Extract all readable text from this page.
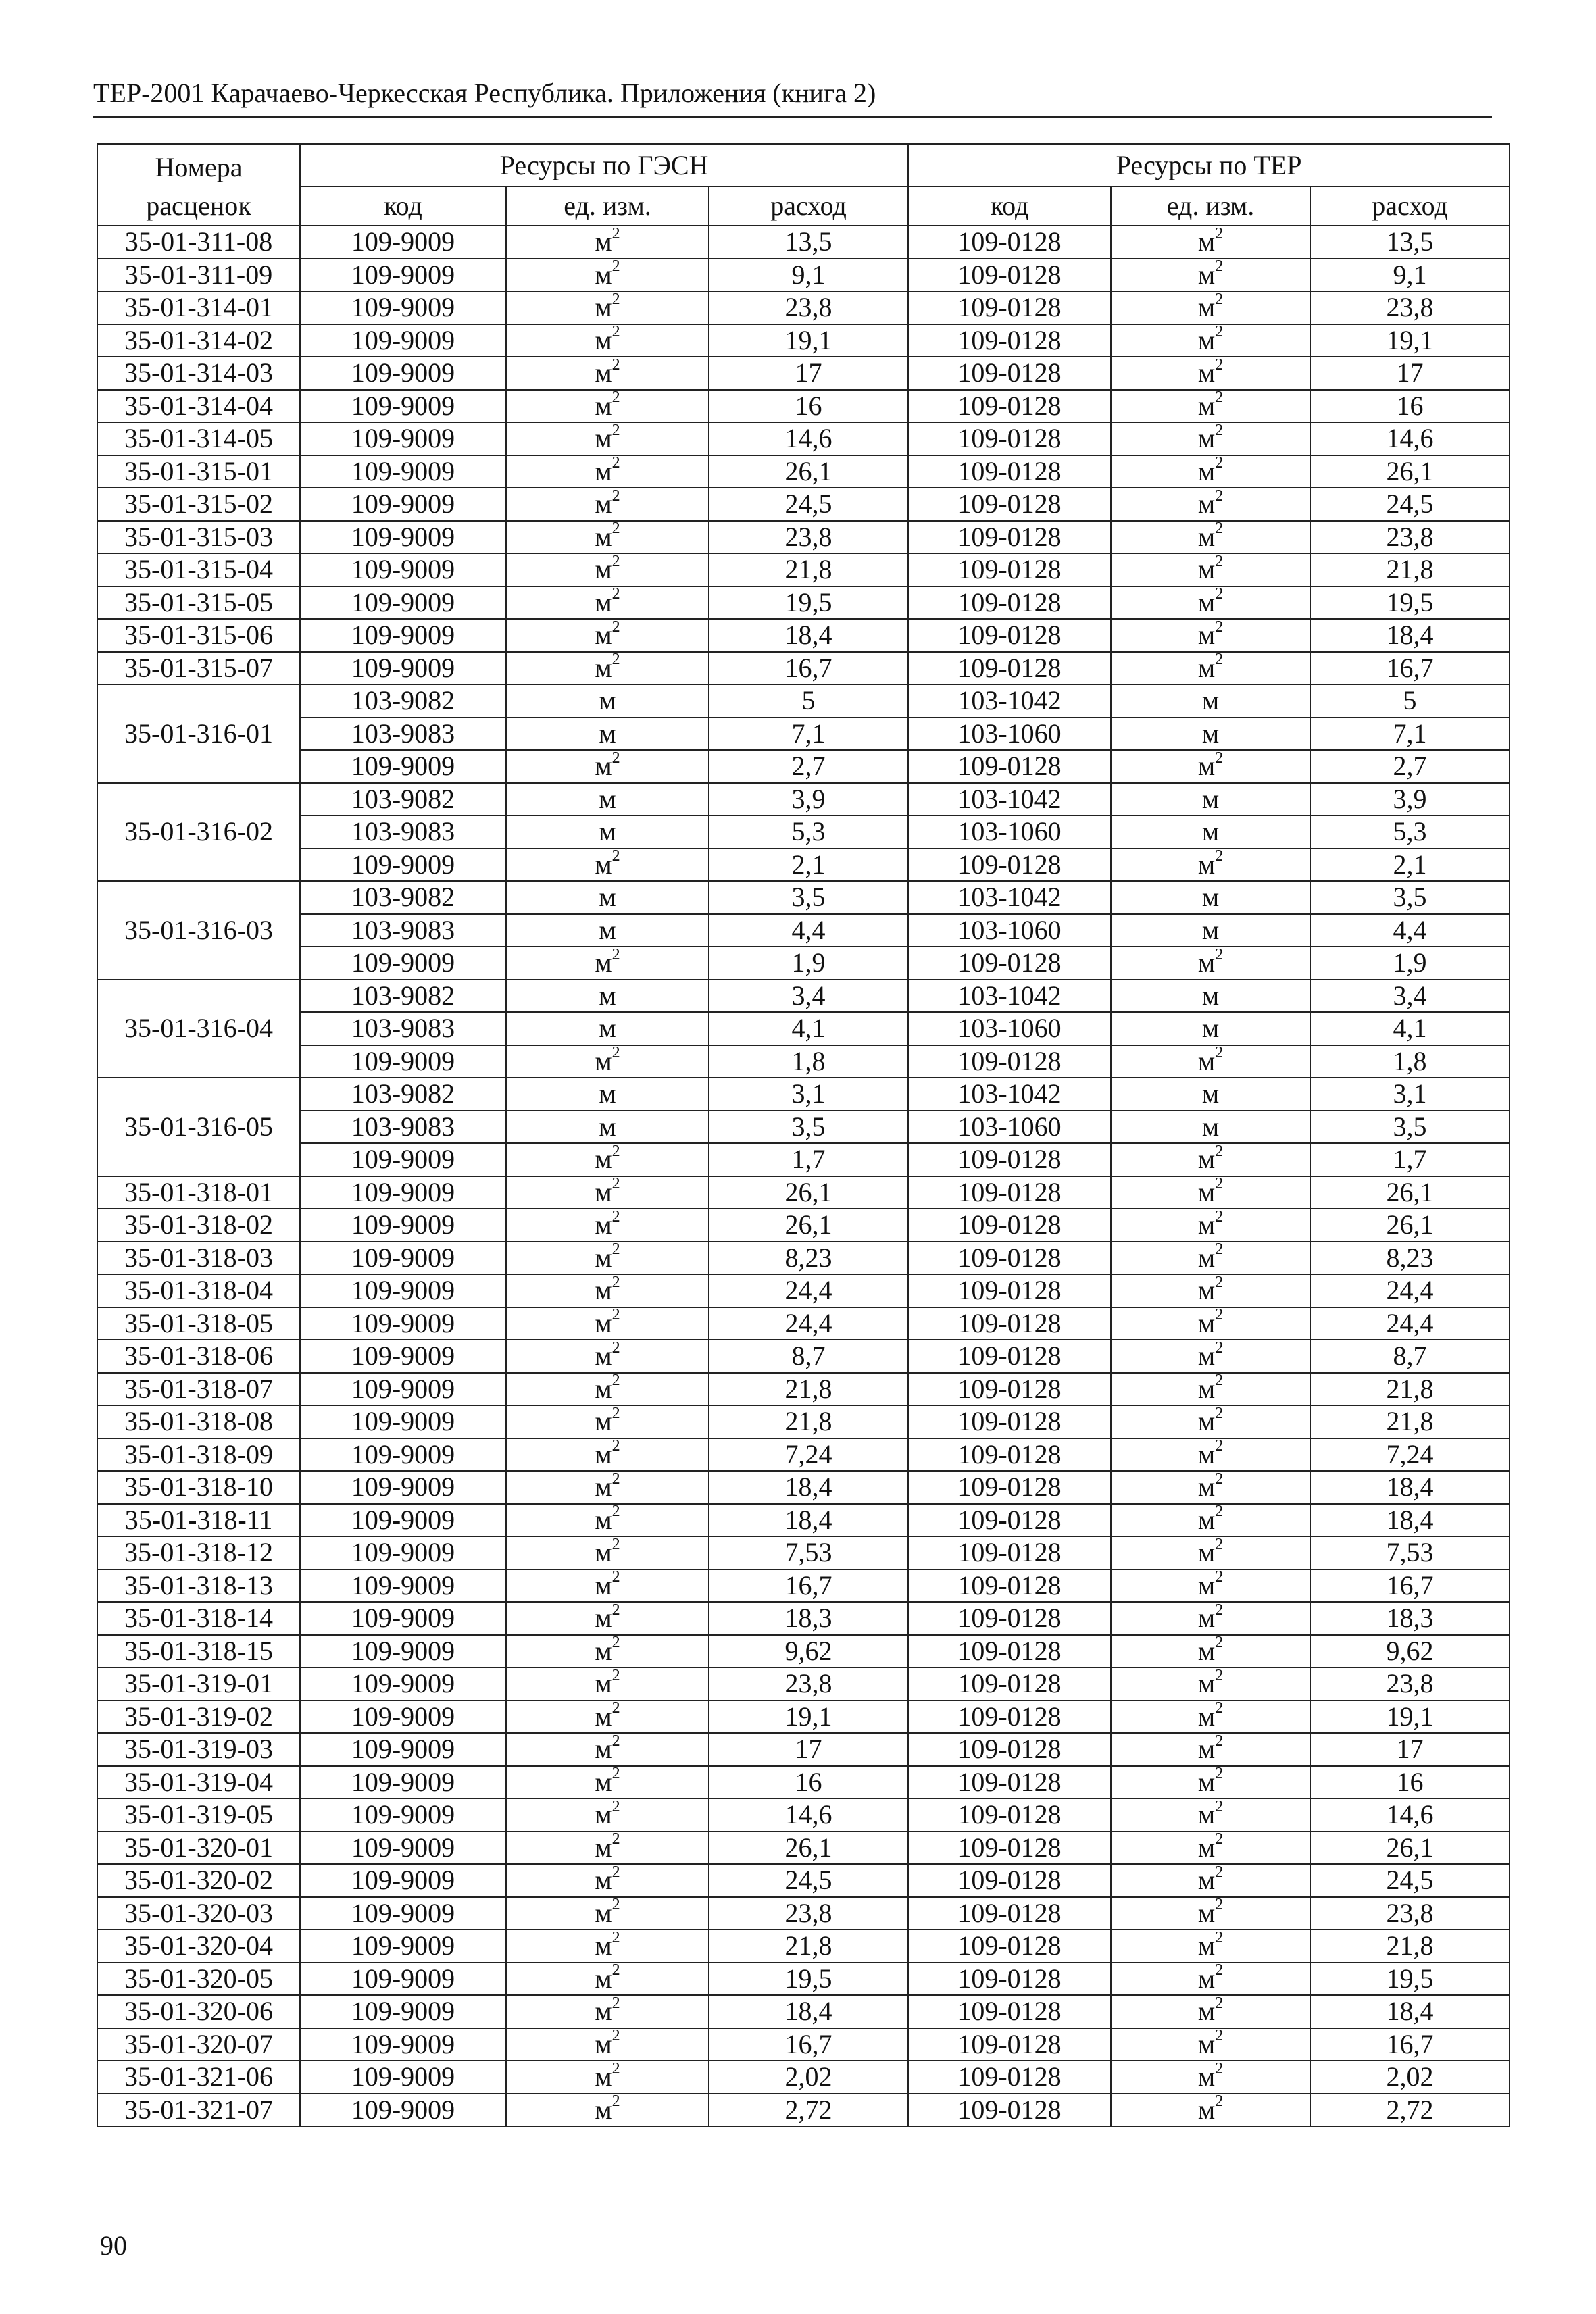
ТЕР-2001 Карачаево-Черкесская Республика. Приложения (книга 2)
Номера	Ресурсы по ГЭСН			Ресурсы по ТЕР		
расценок	код	ед. изм.	расход	код	ед. изм.	расход
35-01-311-08	109-9009	$м^2$	13,5	109-0128	$м^2$	13,5
35-01-311-09	109-9009	$м^2$	9,1	109-0128	$м^2$	9,1
35-01-314-01	109-9009	$м^2$	23,8	109-0128	$м^2$	23,8
35-01-314-02	109-9009	$м^2$	19,1	109-0128	$м^2$	19,1
35-01-314-03	109-9009	$м^2$	17	109-0128	$м^2$	17
35-01-314-04	109-9009	$м^2$	16	109-0128	$м^2$	16
35-01-314-05	109-9009	$м^2$	14,6	109-0128	$м^2$	14,6
35-01-315-01	109-9009	$м^2$	26,1	109-0128	$м^2$	26,1
35-01-315-02	109-9009	$м^2$	24,5	109-0128	$м^2$	24,5
35-01-315-03	109-9009	$м^2$	23,8	109-0128	$м^2$	23,8
35-01-315-04	109-9009	$м^2$	21,8	109-0128	$м^2$	21,8
35-01-315-05	109-9009	$м^2$	19,5	109-0128	$м^2$	19,5
35-01-315-06	109-9009	$м^2$	18,4	109-0128	$м^2$	18,4
35-01-315-07	109-9009	$м^2$	16,7	109-0128	$м^2$	16,7
35-01-316-01	103-9082	м	5	103-1042	м	5
	103-9083	м	7,1	103-1060	м	7,1
	109-9009	$м^2$	2,7	109-0128	$м^2$	2,7
35-01-316-02	103-9082	м	3,9	103-1042	м	3,9
	103-9083	м	5,3	103-1060	м	5,3
	109-9009	$м^2$	2,1	109-0128	$м^2$	2,1
35-01-316-03	103-9082	м	3,5	103-1042	м	3,5
	103-9083	м	4,4	103-1060	м	4,4
	109-9009	$м^2$	1,9	109-0128	$м^2$	1,9
35-01-316-04	103-9082	м	3,4	103-1042	м	3,4
	103-9083	м	4,1	103-1060	м	4,1
	109-9009	$м^2$	1,8	109-0128	$м^2$	1,8
35-01-316-05	103-9082	м	3,1	103-1042	м	3,1
	103-9083	м	3,5	103-1060	м	3,5
	109-9009	$м^2$	1,7	109-0128	$м^2$	1,7
35-01-318-01	109-9009	$м^2$	26,1	109-0128	$м^2$	26,1
35-01-318-02	109-9009	$м^2$	26,1	109-0128	$м^2$	26,1
35-01-318-03	109-9009	$м^2$	8,23	109-0128	$м^2$	8,23
35-01-318-04	109-9009	$м^2$	24,4	109-0128	$м^2$	24,4
35-01-318-05	109-9009	$м^2$	24,4	109-0128	$м^2$	24,4
35-01-318-06	109-9009	$м^2$	8,7	109-0128	$м^2$	8,7
35-01-318-07	109-9009	$м^2$	21,8	109-0128	$м^2$	21,8
35-01-318-08	109-9009	$м^2$	21,8	109-0128	$м^2$	21,8
35-01-318-09	109-9009	$м^2$	7,24	109-0128	$м^2$	7,24
35-01-318-10	109-9009	$м^2$	18,4	109-0128	$м^2$	18,4
35-01-318-11	109-9009	$м^2$	18,4	109-0128	$м^2$	18,4
35-01-318-12	109-9009	$м^2$	7,53	109-0128	$м^2$	7,53
35-01-318-13	109-9009	$м^2$	16,7	109-0128	$м^2$	16,7
35-01-318-14	109-9009	$м^2$	18,3	109-0128	$м^2$	18,3
35-01-318-15	109-9009	$м^2$	9,62	109-0128	$м^2$	9,62
35-01-319-01	109-9009	$м^2$	23,8	109-0128	$м^2$	23,8
35-01-319-02	109-9009	$м^2$	19,1	109-0128	$м^2$	19,1
35-01-319-03	109-9009	$м^2$	17	109-0128	$м^2$	17
35-01-319-04	109-9009	$м^2$	16	109-0128	$м^2$	16
35-01-319-05	109-9009	$м^2$	14,6	109-0128	$м^2$	14,6
35-01-320-01	109-9009	$м^2$	26,1	109-0128	$м^2$	26,1
35-01-320-02	109-9009	$м^2$	24,5	109-0128	$м^2$	24,5
35-01-320-03	109-9009	$м^2$	23,8	109-0128	$м^2$	23,8
35-01-320-04	109-9009	$м^2$	21,8	109-0128	$м^2$	21,8
35-01-320-05	109-9009	$м^2$	19,5	109-0128	$м^2$	19,5
35-01-320-06	109-9009	$м^2$	18,4	109-0128	$м^2$	18,4
35-01-320-07	109-9009	$м^2$	16,7	109-0128	$м^2$	16,7
35-01-321-06	109-9009	$м^2$	2,02	109-0128	$м^2$	2,02
35-01-321-07	109-9009	$м^2$	2,72	109-0128	$м^2$	2,72
90
